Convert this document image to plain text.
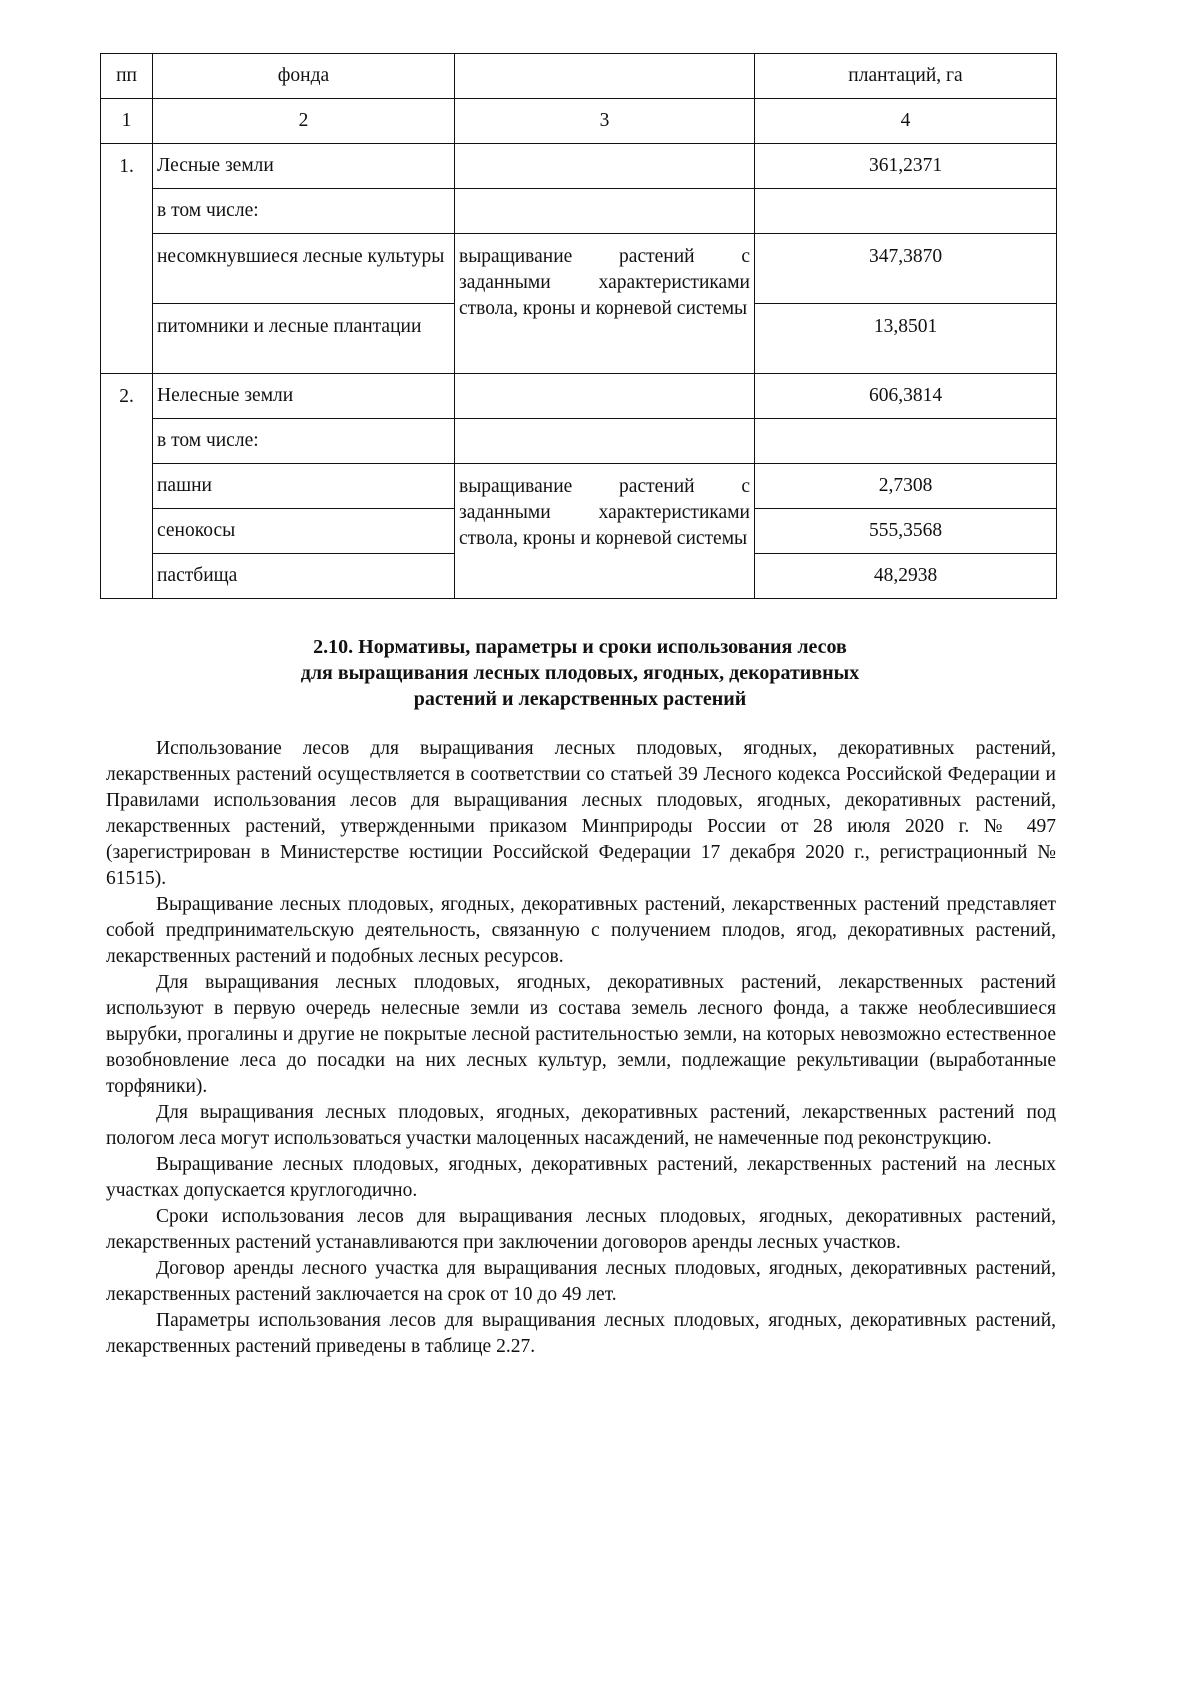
пп	фонда		плантаций, га
1	2	3	4
1.	Лесные земли		361,2371
	в том числе:		
	несомкнувшиеся лесные культуры	выращивание растений с заданными характеристиками ствола, кроны и корневой системы	347,3870
	питомники и лесные плантации		13,8501
2.	Нелесные земли		606,3814
	в том числе:		
	пашни	выращивание растений с заданными характеристиками ствола, кроны и корневой системы	2,7308
	сенокосы		555,3568
	пастбища		48,2938
2.10. Нормативы, параметры и сроки использования лесов
для выращивания лесных плодовых, ягодных, декоративных
растений и лекарственных растений

Использование лесов для выращивания лесных плодовых, ягодных, декоративных растений, лекарственных растений осуществляется в соответствии со статьей 39 Лесного кодекса Российской Федерации и Правилами использования лесов для выращивания лесных плодовых, ягодных, декоративных растений, лекарственных растений, утвержденными приказом Минприроды России от 28 июля 2020 г. № 497 (зарегистрирован в Министерстве юстиции Российской Федерации 17 декабря 2020 г., регистрационный № 61515).

Выращивание лесных плодовых, ягодных, декоративных растений, лекарственных растений представляет собой предпринимательскую деятельность, связанную с получением плодов, ягод, декоративных растений, лекарственных растений и подобных лесных ресурсов.

Для выращивания лесных плодовых, ягодных, декоративных растений, лекарственных растений используют в первую очередь нелесные земли из состава земель лесного фонда, а также необлесившиеся вырубки, прогалины и другие не покрытые лесной растительностью земли, на которых невозможно естественное возобновление леса до посадки на них лесных культур, земли, подлежащие рекультивации (выработанные торфяники).

Для выращивания лесных плодовых, ягодных, декоративных растений, лекарственных растений под пологом леса могут использоваться участки малоценных насаждений, не намеченные под реконструкцию.

Выращивание лесных плодовых, ягодных, декоративных растений, лекарственных растений на лесных участках допускается круглогодично.

Сроки использования лесов для выращивания лесных плодовых, ягодных, декоративных растений, лекарственных растений устанавливаются при заключении договоров аренды лесных участков.

Договор аренды лесного участка для выращивания лесных плодовых, ягодных, декоративных растений, лекарственных растений заключается на срок от 10 до 49 лет.

Параметры использования лесов для выращивания лесных плодовых, ягодных, декоративных растений, лекарственных растений приведены в таблице 2.27.
